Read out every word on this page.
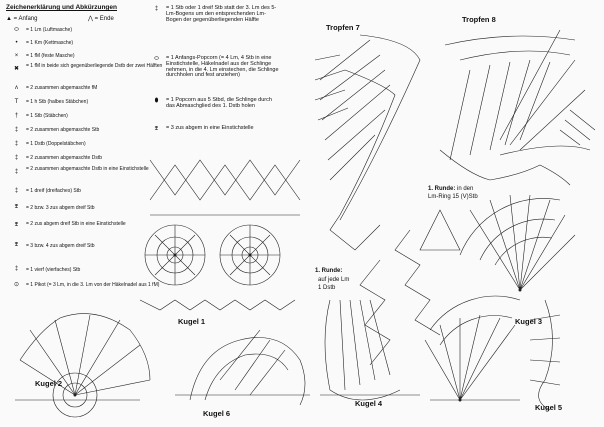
Zeichenerklärung und Abkürzungen
▲ = Anfang	⋀ = Ende
⬭	= 1 Lm (Luftmasche)
•	= 1 Km (Kettmasche)
×	= 1 fM (feste Masche)
✖	= 1 fM in beide sich gegenüberliegende Dstb der zwei Hälften
ʌ	= 2 zusammen abgemaschte fM
T	= 1 h Stb (halbes Stäbchen)
†	= 1 Stb (Stäbchen)
‡	= 2 zusammen abgemaschte Stb
‡	= 1 Dstb (Doppelstäbchen)
‡	= 2 zusammen abgemaschte Dstb
‡	= 2 zusammen abgemaschte Dstb in eine Einstichstelle
‡	= 1 dreif (dreifaches) Stb
⩨	= 2 bzw. 3 zus abgem dreif Stb
⩨	= 2 zus abgem dreif Stb in eine Einstichstelle
⩨	= 3 bzw. 4 zus abgem dreif Stb
‡	= 1 vierf (vierfaches) Stb
⊙	= 1 Pikot (= 3 Lm, in die 3. Lm von der Häkelnadel aus 1 fM)
‡	= 1 Stb oder 1 dreif Stb statt der 3. Lm des 5-Lm-Bogens um den entsprechenden Lm-Bogen der gegenüberliegenden Hälfte
⬭	= 1 Anfangs-Popcorn (= 4 Lm, 4 Stb in eine Einstichstelle, Häkelnadel aus der Schlinge nehmen, in die 4. Lm einstechen, die Schlinge durchholen und fest anziehen)
⬮	= 1 Popcorn aus 5 Stbd, die Schlinge durch das Abmaschglied des 1. Dstb holen
⩨	= 3 zus abgem in eine Einstichstelle
Tropfen 7
Tropfen 8
Kugel 1
Kugel 2
Kugel 3
Kugel 4	Kugel 5
Kugel 6
1. Runde:
auf jede Lm
1 Dstb
1. Runde: in den
Lm-Ring 15 (V)Stb
